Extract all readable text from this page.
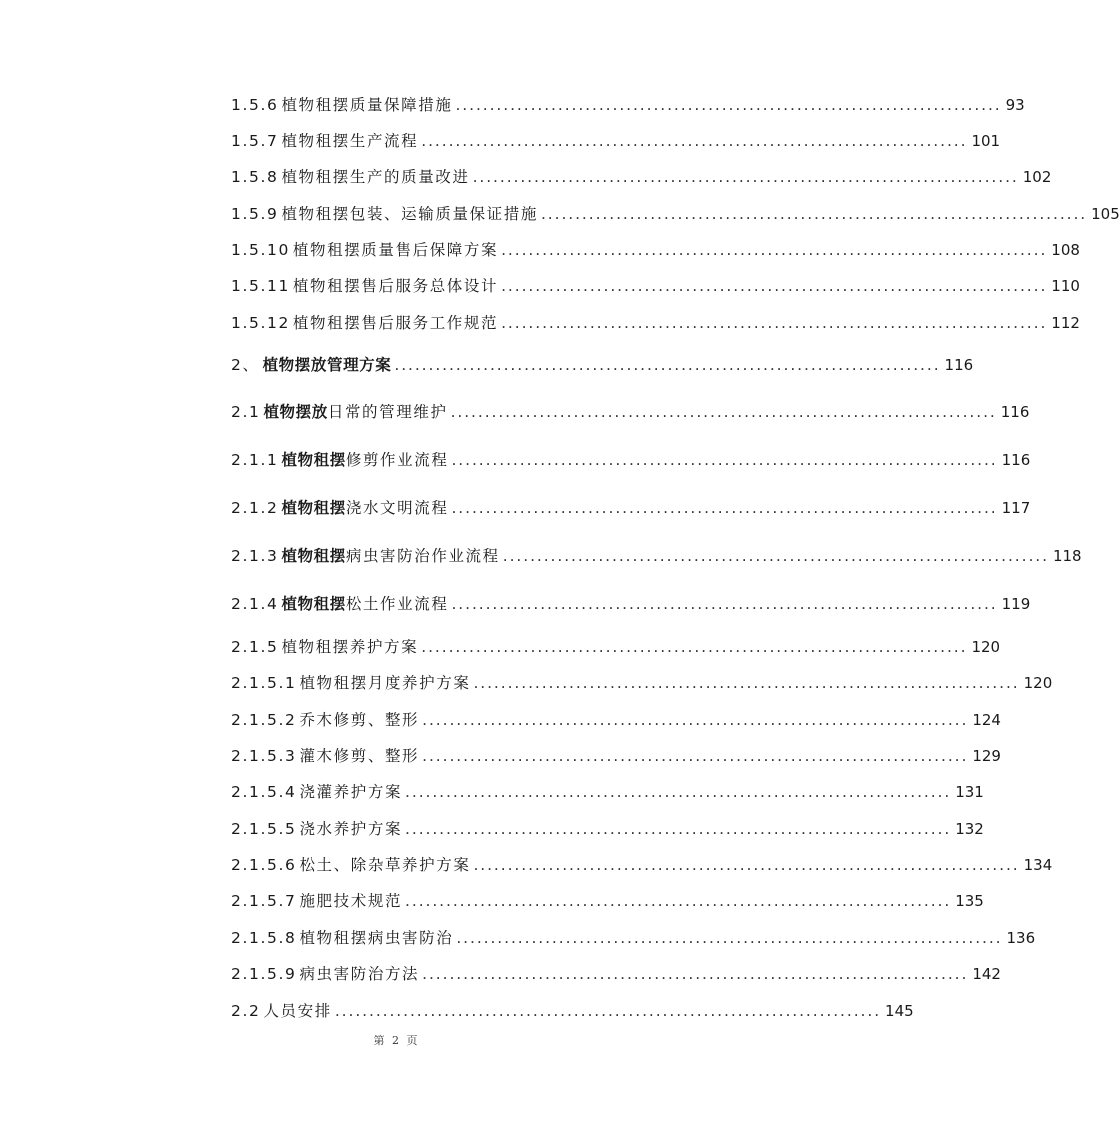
1.5.6 植物租摆质量保障措施 ................................................................................ 93
1.5.7 植物租摆生产流程 ................................................................................ 101
1.5.8 植物租摆生产的质量改进 ................................................................................ 102
1.5.9 植物租摆包装、运输质量保证措施 ................................................................................ 105
1.5.10 植物租摆质量售后保障方案 ................................................................................ 108
1.5.11 植物租摆售后服务总体设计 ................................................................................ 110
1.5.12 植物租摆售后服务工作规范 ................................................................................ 112
2、 植物摆放管理方案 ................................................................................ 116
2.1 植物摆放日常的管理维护 ................................................................................ 116
2.1.1 植物租摆修剪作业流程 ................................................................................ 116
2.1.2 植物租摆浇水文明流程 ................................................................................ 117
2.1.3 植物租摆病虫害防治作业流程 ................................................................................ 118
2.1.4 植物租摆松土作业流程 ................................................................................ 119
2.1.5 植物租摆养护方案 ................................................................................ 120
2.1.5.1 植物租摆月度养护方案 ................................................................................ 120
2.1.5.2 乔木修剪、整形 ................................................................................ 124
2.1.5.3 灌木修剪、整形 ................................................................................ 129
2.1.5.4 浇灌养护方案 ................................................................................ 131
2.1.5.5 浇水养护方案 ................................................................................ 132
2.1.5.6 松土、除杂草养护方案 ................................................................................ 134
2.1.5.7 施肥技术规范 ................................................................................ 135
2.1.5.8 植物租摆病虫害防治 ................................................................................ 136
2.1.5.9 病虫害防治方法 ................................................................................ 142
2.2 人员安排 ................................................................................ 145
第 2 页
